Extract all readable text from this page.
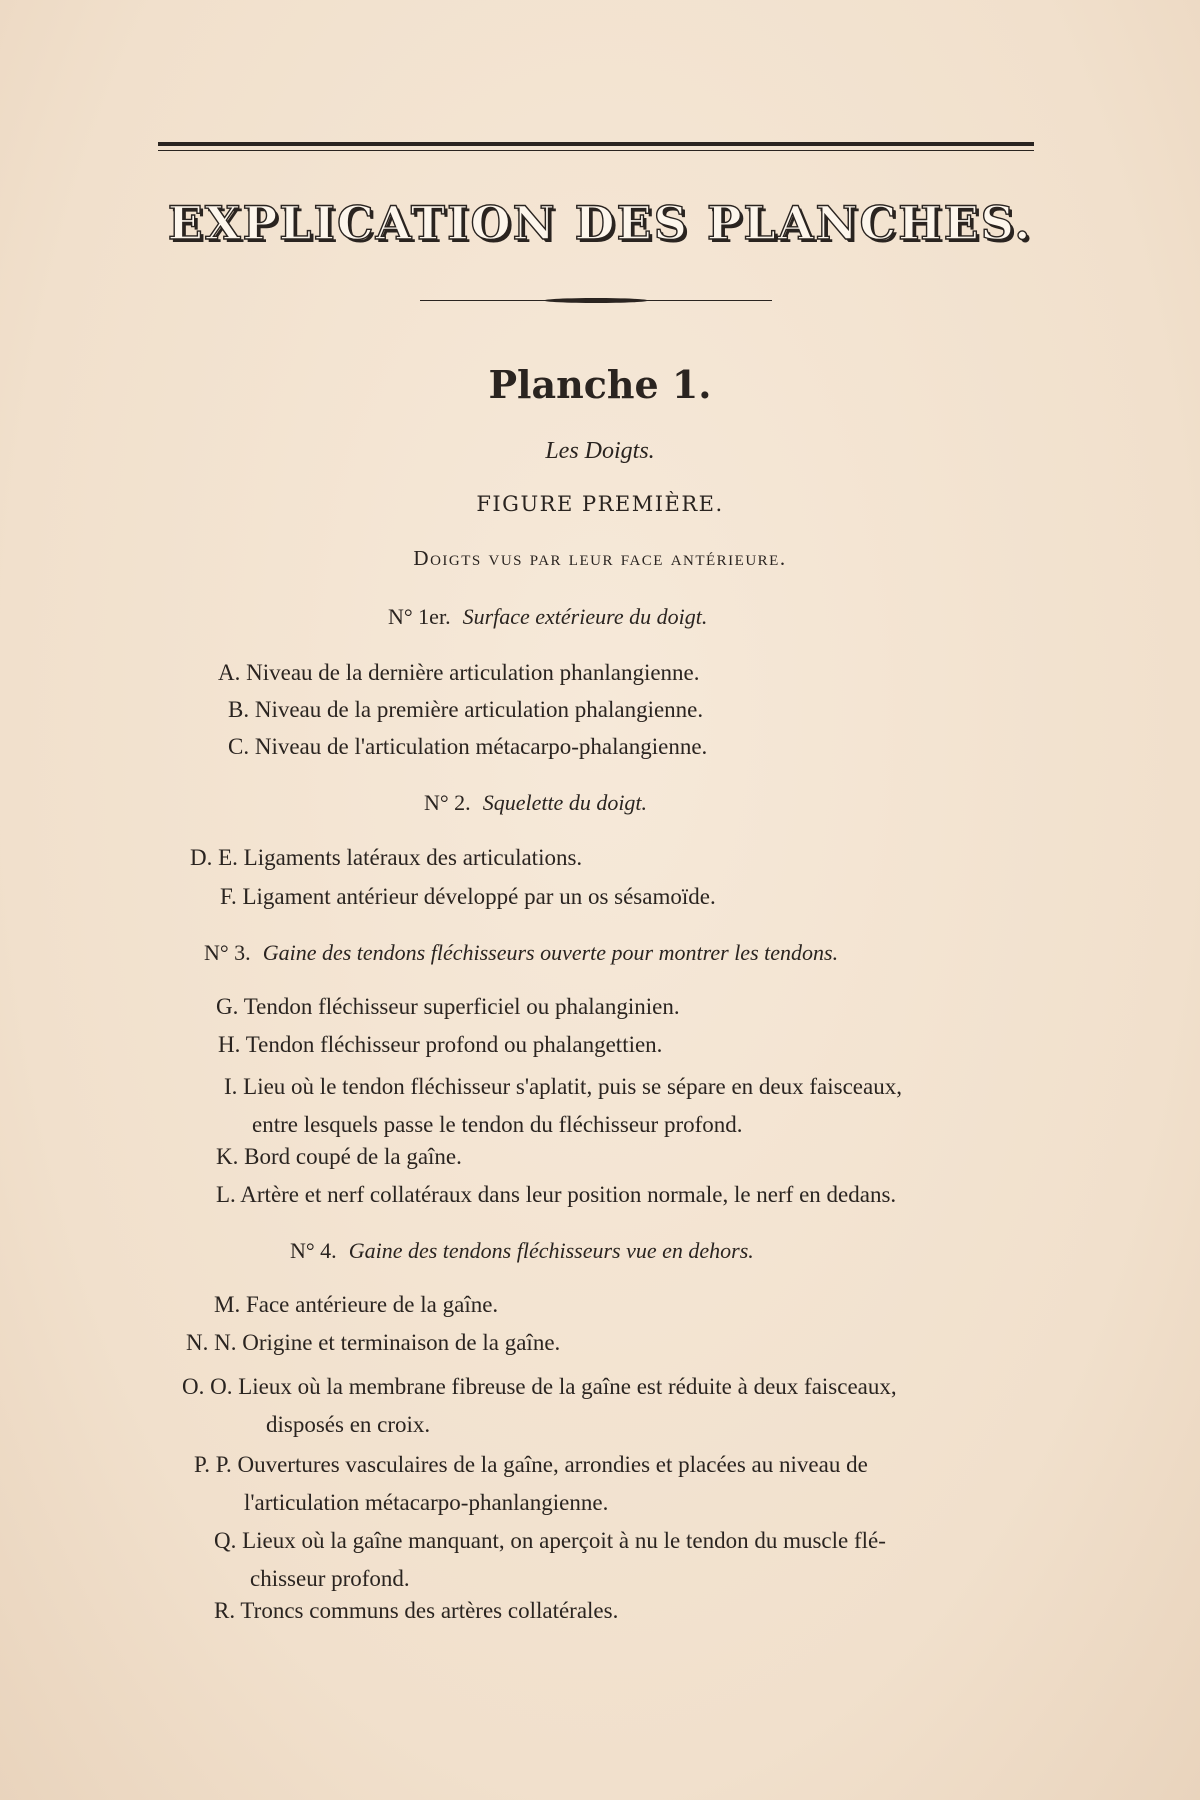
EXPLICATION DES PLANCHES.
Planche 1.
Les Doigts.
FIGURE PREMIÈRE.
Doigts vus par leur face antérieure.
N° 1er. Surface extérieure du doigt.
A. Niveau de la dernière articulation phanlangienne.
B. Niveau de la première articulation phalangienne.
C. Niveau de l'articulation métacarpo-phalangienne.
N° 2. Squelette du doigt.
D. E. Ligaments latéraux des articulations.
F. Ligament antérieur développé par un os sésamoïde.
N° 3. Gaine des tendons fléchisseurs ouverte pour montrer les tendons.
G. Tendon fléchisseur superficiel ou phalanginien.
H. Tendon fléchisseur profond ou phalangettien.
I. Lieu où le tendon fléchisseur s'aplatit, puis se sépare en deux faisceaux,
entre lesquels passe le tendon du fléchisseur profond.
K. Bord coupé de la gaîne.
L. Artère et nerf collatéraux dans leur position normale, le nerf en dedans.
N° 4. Gaine des tendons fléchisseurs vue en dehors.
M. Face antérieure de la gaîne.
N. N. Origine et terminaison de la gaîne.
O. O. Lieux où la membrane fibreuse de la gaîne est réduite à deux faisceaux,
disposés en croix.
P. P. Ouvertures vasculaires de la gaîne, arrondies et placées au niveau de
l'articulation métacarpo-phanlangienne.
Q. Lieux où la gaîne manquant, on aperçoit à nu le tendon du muscle flé-
chisseur profond.
R. Troncs communs des artères collatérales.
